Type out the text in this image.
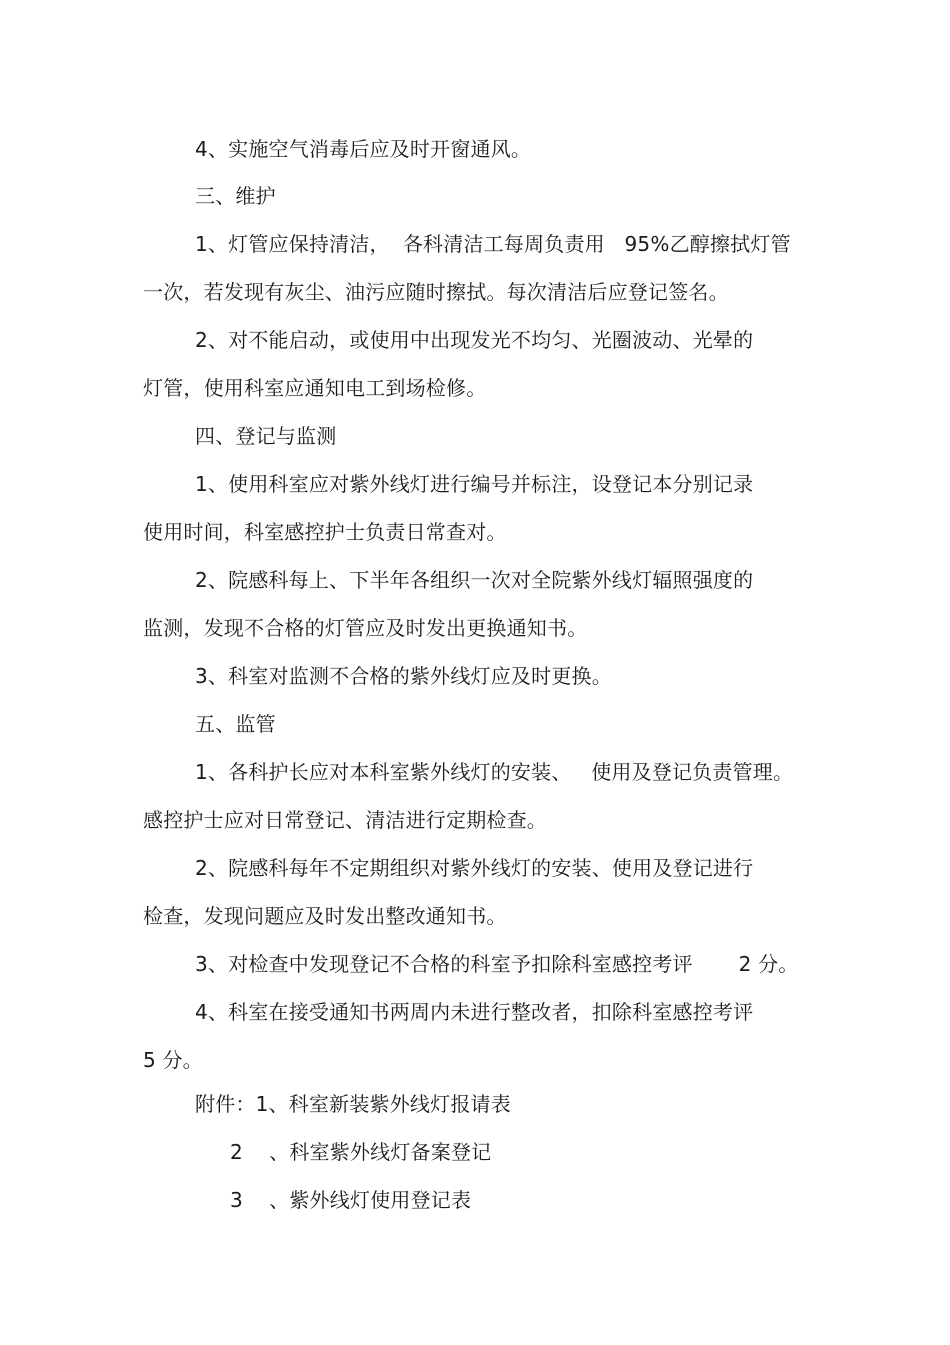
4、实施空气消毒后应及时开窗通风。
三、维护
1、灯管应保持清洁，  各科清洁工每周负责用   95%乙醇擦拭灯管
一次，若发现有灰尘、油污应随时擦拭。每次清洁后应登记签名。
2、对不能启动，或使用中出现发光不均匀、光圈波动、光晕的
灯管，使用科室应通知电工到场检修。
四、登记与监测
1、使用科室应对紫外线灯进行编号并标注，设登记本分别记录
使用时间，科室感控护士负责日常查对。
2、院感科每上、下半年各组织一次对全院紫外线灯辐照强度的
监测，发现不合格的灯管应及时发出更换通知书。
3、科室对监测不合格的紫外线灯应及时更换。
五、监管
1、各科护长应对本科室紫外线灯的安装、   使用及登记负责管理。
感控护士应对日常登记、清洁进行定期检查。
2、院感科每年不定期组织对紫外线灯的安装、使用及登记进行
检查，发现问题应及时发出整改通知书。
3、对检查中发现登记不合格的科室予扣除科室感控考评       2 分。
4、科室在接受通知书两周内未进行整改者，扣除科室感控考评
5 分。
附件：1、科室新装紫外线灯报请表
2    、科室紫外线灯备案登记
3    、紫外线灯使用登记表
